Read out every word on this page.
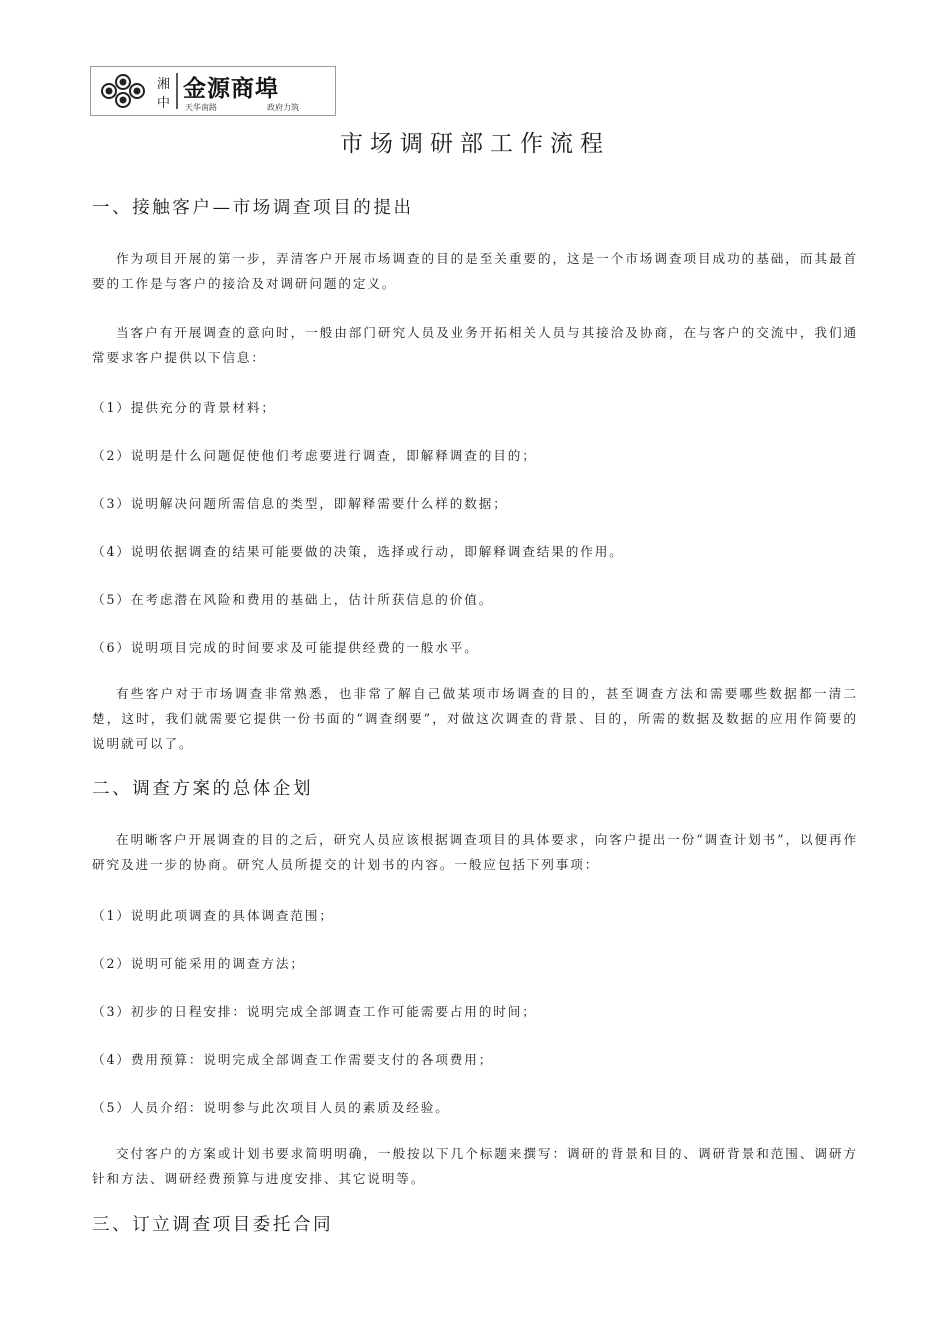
湘
中
金源商埠
天华南路	政府力筑
市场调研部工作流程
一、接触客户—市场调查项目的提出

作为项目开展的第一步，弄清客户开展市场调查的目的是至关重要的，这是一个市场调查项目成功的基础，而其最首要的工作是与客户的接洽及对调研问题的定义。

当客户有开展调查的意向时，一般由部门研究人员及业务开拓相关人员与其接洽及协商，在与客户的交流中，我们通常要求客户提供以下信息：

（1）提供充分的背景材料；
（2）说明是什么问题促使他们考虑要进行调查，即解释调查的目的；
（3）说明解决问题所需信息的类型，即解释需要什么样的数据；
（4）说明依据调查的结果可能要做的决策，选择或行动，即解释调查结果的作用。
（5）在考虑潜在风险和费用的基础上，估计所获信息的价值。
（6）说明项目完成的时间要求及可能提供经费的一般水平。

有些客户对于市场调查非常熟悉，也非常了解自己做某项市场调查的目的，甚至调查方法和需要哪些数据都一清二楚，这时，我们就需要它提供一份书面的“调查纲要”，对做这次调查的背景、目的，所需的数据及数据的应用作简要的说明就可以了。

二、调查方案的总体企划

在明晰客户开展调查的目的之后，研究人员应该根据调查项目的具体要求，向客户提出一份“调查计划书”，以便再作研究及进一步的协商。研究人员所提交的计划书的内容。一般应包括下列事项：

（1）说明此项调查的具体调查范围；
（2）说明可能采用的调查方法；
（3）初步的日程安排：说明完成全部调查工作可能需要占用的时间；
（4）费用预算：说明完成全部调查工作需要支付的各项费用；
（5）人员介绍：说明参与此次项目人员的素质及经验。

交付客户的方案或计划书要求简明明确，一般按以下几个标题来撰写：调研的背景和目的、调研背景和范围、调研方针和方法、调研经费预算与进度安排、其它说明等。

三、订立调查项目委托合同
